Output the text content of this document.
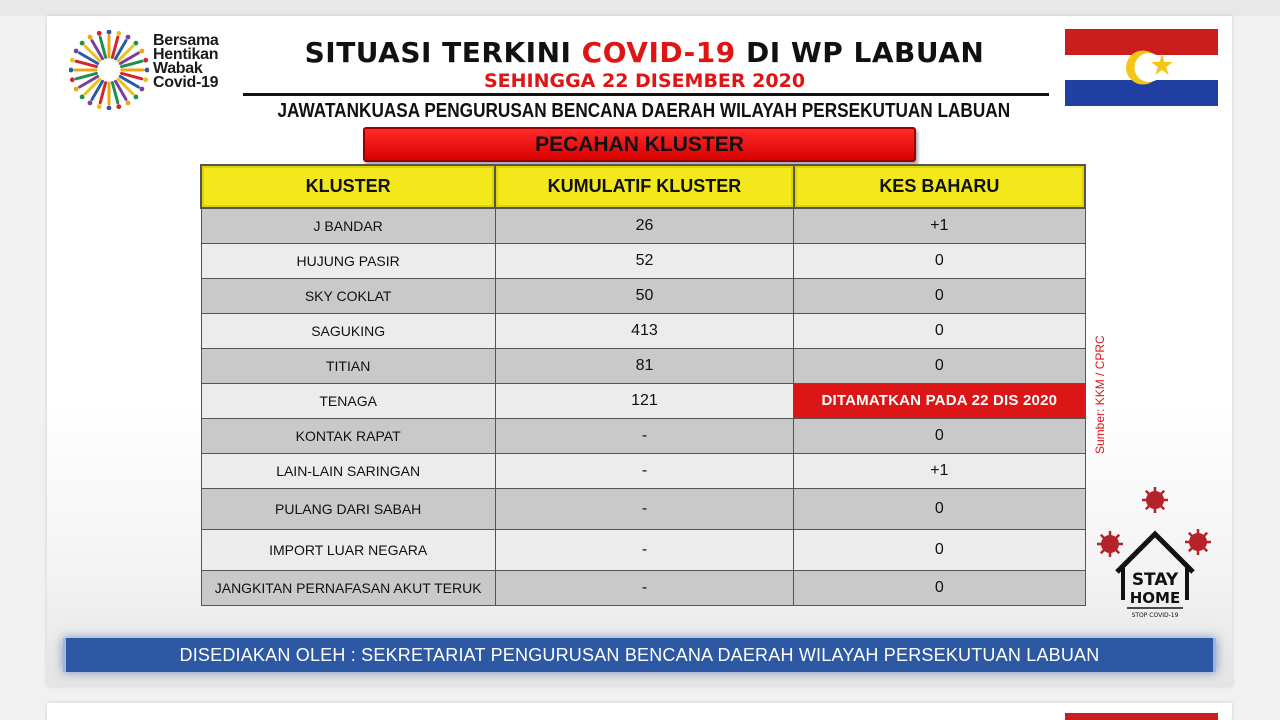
Bersama
Hentikan
Wabak
Covid-19
SITUASI TERKINI COVID-19 DI WP LABUAN
SEHINGGA 22 DISEMBER 2020
JAWATANKUASA PENGURUSAN BENCANA DAERAH WILAYAH PERSEKUTUAN LABUAN
PECAHAN KLUSTER
KLUSTER	KUMULATIF KLUSTER	KES BAHARU
J BANDAR	26	+1
HUJUNG PASIR	52	0
SKY COKLAT	50	0
SAGUKING	413	0
TITIAN	81	0
TENAGA	121	DITAMATKAN PADA 22 DIS 2020
KONTAK RAPAT	-	0
LAIN-LAIN SARINGAN	-	+1
PULANG DARI SABAH	-	0
IMPORT LUAR NEGARA	-	0
JANGKITAN PERNAFASAN AKUT TERUK	-	0
Sumber: KKM / CPRC
STAY
HOME
STOP COVID-19
DISEDIAKAN OLEH : SEKRETARIAT PENGURUSAN BENCANA DAERAH WILAYAH PERSEKUTUAN LABUAN
